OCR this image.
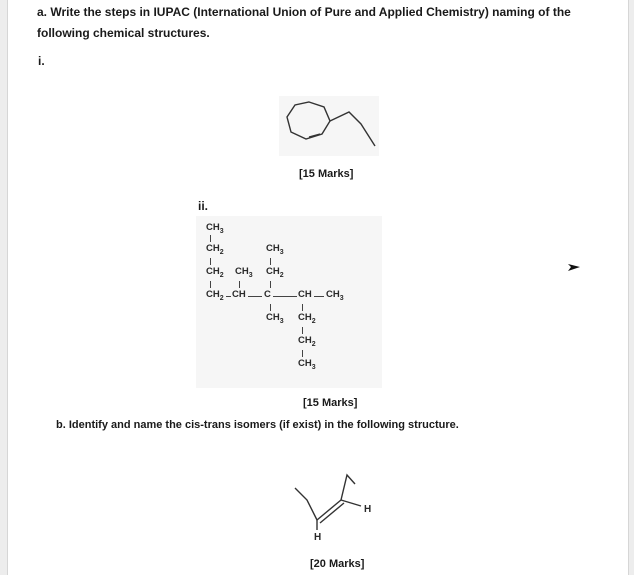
a. Write the steps in IUPAC (International Union of Pure and Applied Chemistry) naming of the following chemical structures.

i.
[15 Marks]
ii.
$CH_3$
$CH_2$
$CH_2$
$CH_2$ CH C	CH $CH_3$
$CH_3$
$CH_3$
$CH_2$
$CH_3$ $CH_2$
$CH_2$
$CH_3$
[15 Marks]

b. Identify and name the cis-trans isomers (if exist) in the following structure.

H
H
[20 Marks]
